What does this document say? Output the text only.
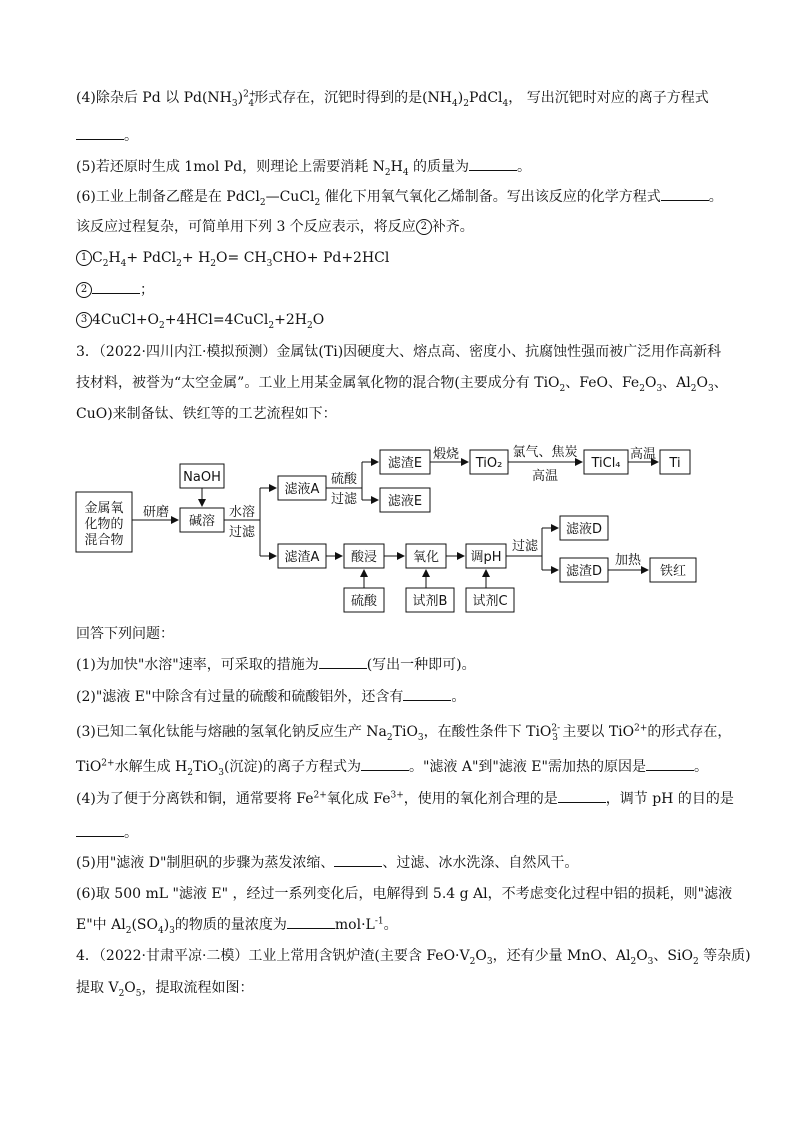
(4)除杂后 Pd 以 $Pd(NH_3)^{2+}_4$形式存在，沉钯时得到的是$(NH_4)_2PdCl_4$， 写出沉钯时对应的离子方程式
。
(5)若还原时生成 1mol Pd，则理论上需要消耗 $N_2H_4$ 的质量为	。
(6)工业上制备乙醛是在 PdCl$_2$—CuCl$_2$ 催化下用氧气氧化乙烯制备。写出该反应的化学方程式	。
该反应过程复杂，可简单用下列 3 个反应表示，将反应 2 补齐。
1 $C_2H_4+$ PdCl$_2$+ $H_2O= CH_3CHO+ Pd+2HCl$
2	；
3 $4CuCl+O_2+4HCl=4CuCl_2+2H_2O$
3．（2022·四川内江·模拟预测）金属钛(Ti)因硬度大、熔点高、密度小、抗腐蚀性强而被广泛用作高新科
技材料，被誉为“太空金属”。工业上用某金属氧化物的混合物(主要成分有 TiO$_2$、FeO、$Fe_2O_3$、$Al_2O_3$、
CuO)来制备钛、铁红等的工艺流程如下：
金属氧
化物的
混合物
研磨
NaOH
碱溶
水溶
过滤
滤液A
硫酸
过滤
滤渣E
滤液E
煅烧
TiO₂
氯气、焦炭
高温
TiCl₄
高温
Ti
滤渣A 酸浸	氧化 调pH
过滤
滤液D
滤渣D
加热
铁红
硫酸	试剂B 试剂C
回答下列问题：
(1)为加快"水溶"速率，可采取的措施为	(写出一种即可)。
(2)"滤液 E"中除含有过量的硫酸和硫酸铝外，还含有	。
(3)已知二氧化钛能与熔融的氢氧化钠反应生产 $Na_2TiO_3$，在酸性条件下 TiO$^{2-}_3$ 主要以 TiO$^{2+}$的形式存在，
TiO$^{2+}$水解生成 $H_2TiO_3$(沉淀)的离子方程式为	。"滤液 A"到"滤液 E"需加热的原因是	。
(4)为了便于分离铁和铜，通常要将 $Fe^{2+}$氧化成 $Fe^{3+}$，使用的氧化剂合理的是	，调节 pH 的目的是
。
(5)用"滤液 D"制胆矾的步骤为蒸发浓缩、	、过滤、冰水洗涤、自然风干。
(6)取 500 mL "滤液 E" ，经过一系列变化后，电解得到 5.4 g Al，不考虑变化过程中铝的损耗，则"滤液
E"中 $Al_2(SO_4)_3$的物质的量浓度为	$mol\cdot L^{-1}$。
4．（2022·甘肃平凉·二模）工业上常用含钒炉渣(主要含 $FeO\cdot V_2O_3$，还有少量 MnO、$Al_2O_3$、SiO$_2$ 等杂质)
提取 $V_2O_5$，提取流程如图：
